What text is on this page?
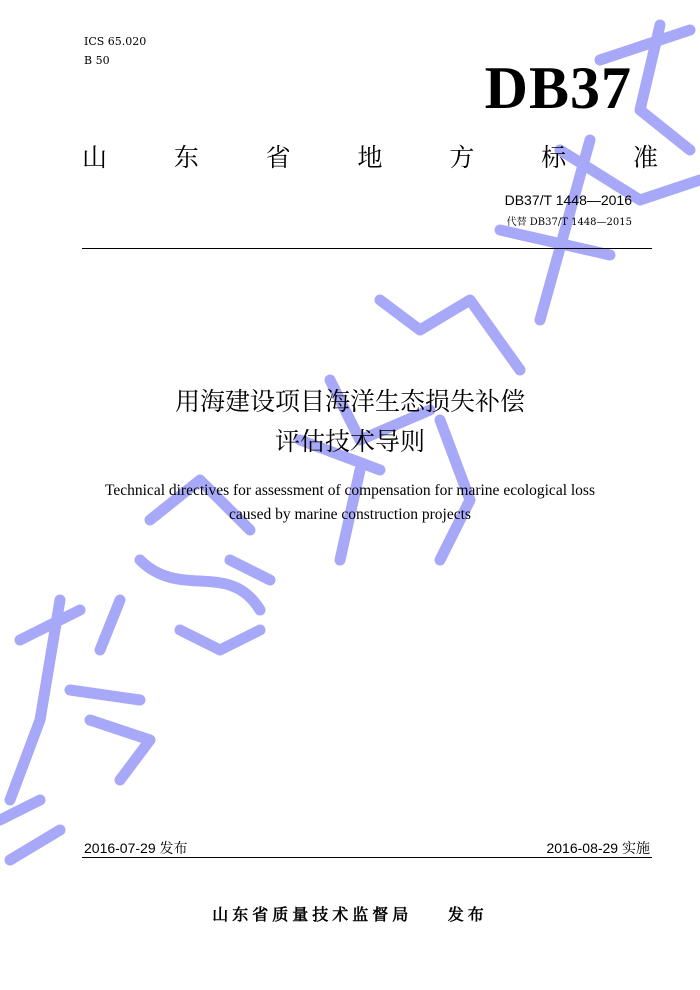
ICS 65.020
B 50	DB37
山	东	省	地	方	标	准
DB37/T 1448—2016
代替 DB37/T 1448—2015
用海建设项目海洋生态损失补偿
评估技术导则
Technical directives for assessment of compensation for marine ecological loss
caused by marine construction projects
2016-07-29 发布	2016-08-29 实施
山东省质量技术监督局 发布
